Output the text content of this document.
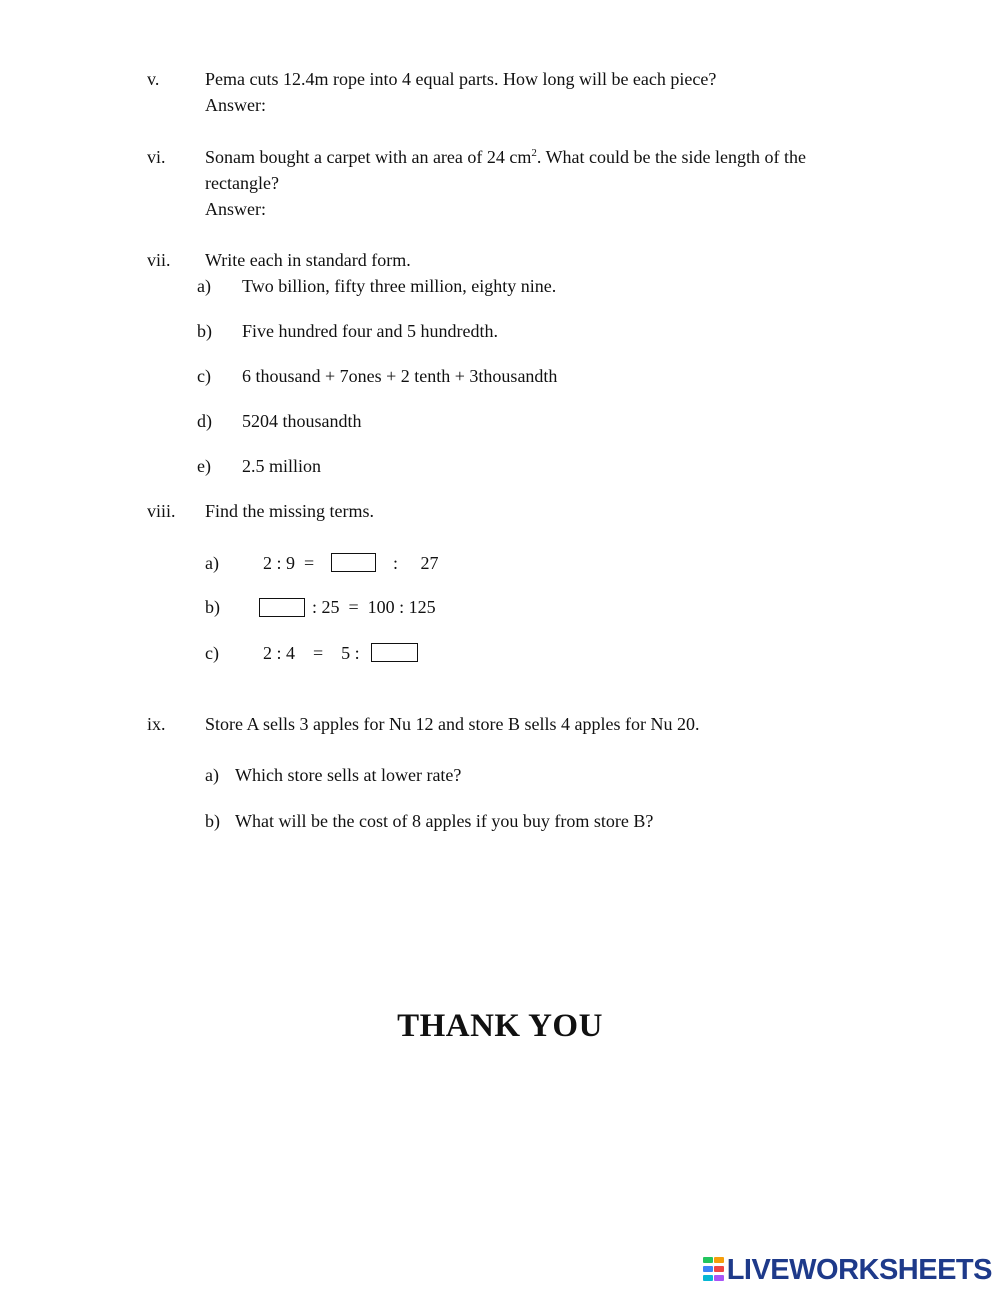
v.	Pema cuts 12.4m rope into 4 equal parts. How long will be each piece?
Answer:
vi. Sonam bought a carpet with an area of 24 $cm^2$. What could be the side length of the
rectangle?
Answer:
vii. Write each in standard form.
a) Two billion, fifty three million, eighty nine.
b) Five hundred four and 5 hundredth.
c) 6 thousand + 7ones + 2 tenth + 3thousandth
d) 5204 thousandth
e) 2.5 million
viii. Find the missing terms.
a) 2 : 9  =	:     27
b)	: 25  =  100 : 125
c) 2 : 4    =    5 :
ix. Store A sells 3 apples for Nu 12 and store B sells 4 apples for Nu 20.
a) Which store sells at lower rate?
b) What will be the cost of 8 apples if you buy from store B?
THANK YOU
LIVEWORKSHEETS
